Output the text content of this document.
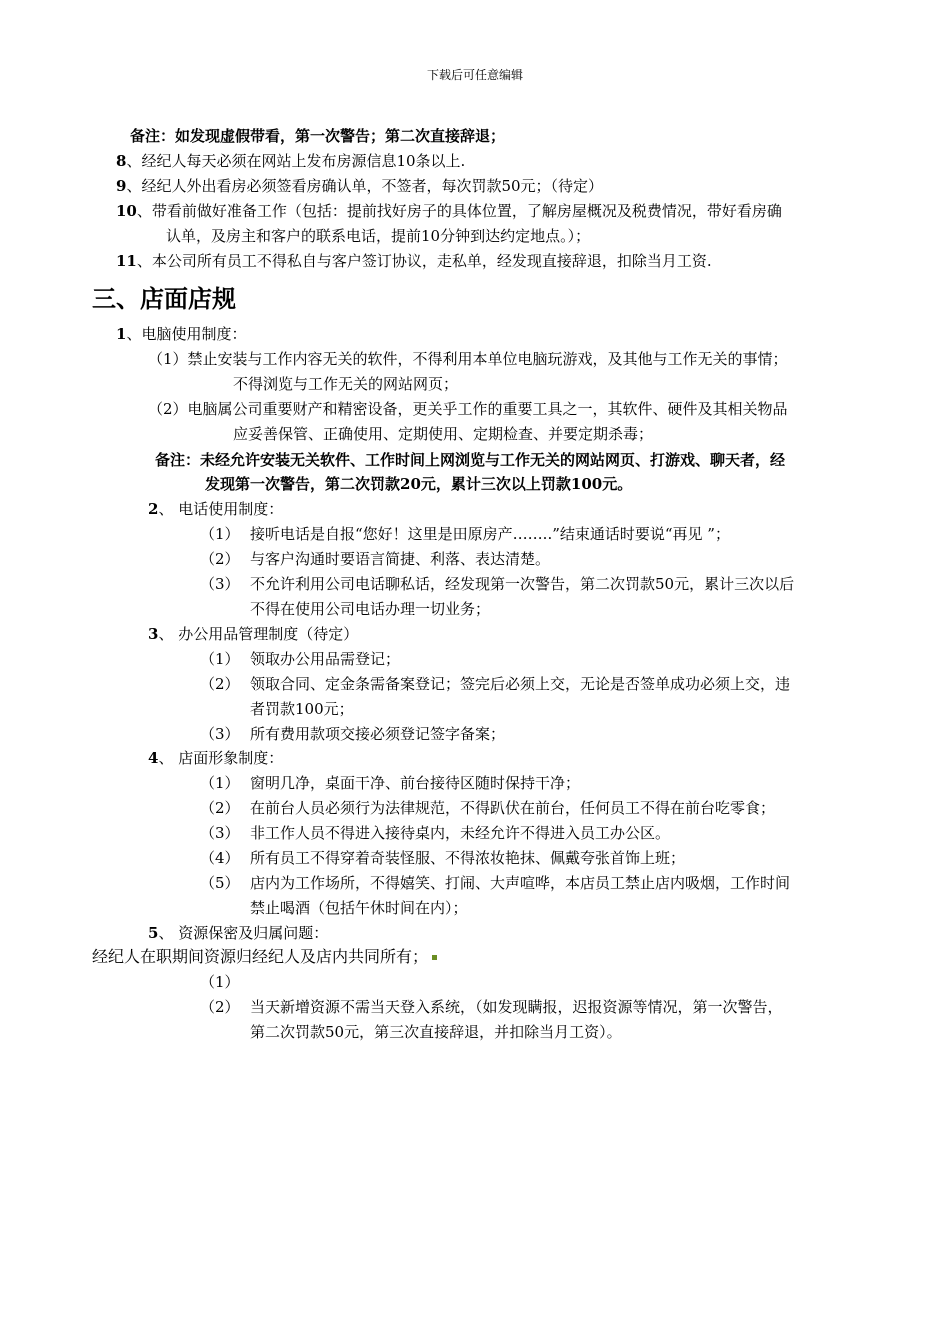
下载后可任意编辑
备注：如发现虚假带看，第一次警告；第二次直接辞退；
8、经纪人每天必须在网站上发布房源信息10条以上.
9、经纪人外出看房必须签看房确认单，不签者，每次罚款50元；（待定）
10、带看前做好准备工作（包括：提前找好房子的具体位置，了解房屋概况及税费情况，带好看房确
认单，及房主和客户的联系电话，提前10分钟到达约定地点。）；
11、本公司所有员工不得私自与客户签订协议，走私单，经发现直接辞退，扣除当月工资.
三、店面店规
1、电脑使用制度：
（1）禁止安装与工作内容无关的软件，不得利用本单位电脑玩游戏，及其他与工作无关的事情；
不得浏览与工作无关的网站网页；
（2）电脑属公司重要财产和精密设备，更关乎工作的重要工具之一，其软件、硬件及其相关物品
应妥善保管、正确使用、定期使用、定期检查、并要定期杀毒；
备注：未经允许安装无关软件、工作时间上网浏览与工作无关的网站网页、打游戏、聊天者，经
发现第一次警告，第二次罚款20元，累计三次以上罚款100元。
2、 电话使用制度：
（1） 接听电话是自报“您好！这里是田原房产……..”结束通话时要说“再见 ”；
（2） 与客户沟通时要语言简捷、利落、表达清楚。
（3） 不允许利用公司电话聊私话，经发现第一次警告，第二次罚款50元，累计三次以后
不得在使用公司电话办理一切业务；
3、 办公用品管理制度（待定）
（1） 领取办公用品需登记；
（2） 领取合同、定金条需备案登记；签完后必须上交，无论是否签单成功必须上交，违
者罚款100元；
（3） 所有费用款项交接必须登记签字备案；
4、 店面形象制度：
（1） 窗明几净，桌面干净、前台接待区随时保持干净；
（2） 在前台人员必须行为法律规范，不得趴伏在前台，任何员工不得在前台吃零食；
（3） 非工作人员不得进入接待桌内，未经允许不得进入员工办公区。
（4） 所有员工不得穿着奇装怪服、不得浓妆艳抹、佩戴夸张首饰上班；
（5） 店内为工作场所，不得嬉笑、打闹、大声喧哗，本店员工禁止店内吸烟，工作时间
禁止喝酒（包括午休时间在内）；
5、 资源保密及归属问题：
经纪人在职期间资源归经纪人及店内共同所有；
（1）
（2） 当天新增资源不需当天登入系统，（如发现瞒报，迟报资源等情况，第一次警告，
第二次罚款50元，第三次直接辞退，并扣除当月工资）。
